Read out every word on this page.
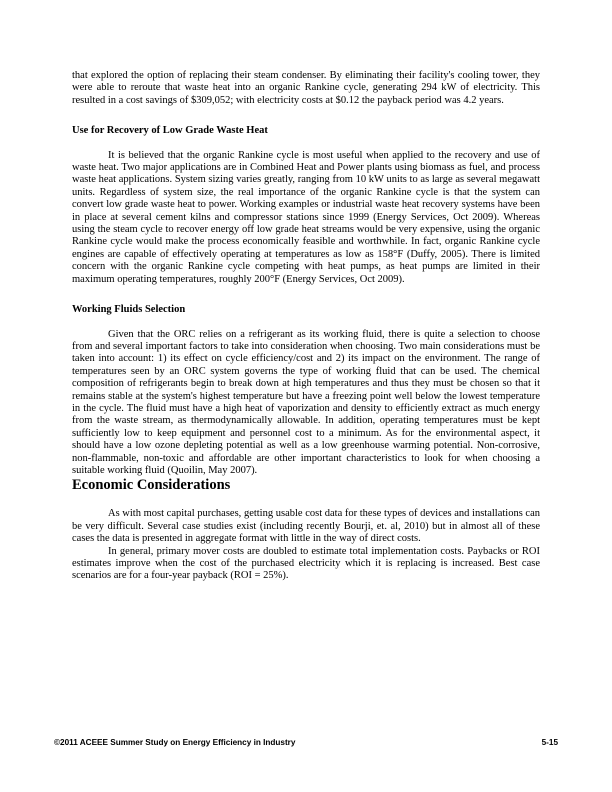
that explored the option of replacing their steam condenser. By eliminating their facility's cooling tower, they were able to reroute that waste heat into an organic Rankine cycle, generating 294 kW of electricity. This resulted in a cost savings of $309,052; with electricity costs at $0.12 the payback period was 4.2 years.

Use for Recovery of Low Grade Waste Heat

It is believed that the organic Rankine cycle is most useful when applied to the recovery and use of waste heat. Two major applications are in Combined Heat and Power plants using biomass as fuel, and process waste heat applications. System sizing varies greatly, ranging from 10 kW units to as large as several megawatt units. Regardless of system size, the real importance of the organic Rankine cycle is that the system can convert low grade waste heat to power. Working examples or industrial waste heat recovery systems have been in place at several cement kilns and compressor stations since 1999 (Energy Services, Oct 2009). Whereas using the steam cycle to recover energy off low grade heat streams would be very expensive, using the organic Rankine cycle would make the process economically feasible and worthwhile. In fact, organic Rankine cycle engines are capable of effectively operating at temperatures as low as 158°F (Duffy, 2005). There is limited concern with the organic Rankine cycle competing with heat pumps, as heat pumps are limited in their maximum operating temperatures, roughly 200°F (Energy Services, Oct 2009).

Working Fluids Selection

Given that the ORC relies on a refrigerant as its working fluid, there is quite a selection to choose from and several important factors to take into consideration when choosing. Two main considerations must be taken into account: 1) its effect on cycle efficiency/cost and 2) its impact on the environment. The range of temperatures seen by an ORC system governs the type of working fluid that can be used. The chemical composition of refrigerants begin to break down at high temperatures and thus they must be chosen so that it remains stable at the system's highest temperature but have a freezing point well below the lowest temperature in the cycle. The fluid must have a high heat of vaporization and density to efficiently extract as much energy from the waste stream, as thermodynamically allowable. In addition, operating temperatures must be kept sufficiently low to keep equipment and personnel cost to a minimum. As for the environmental aspect, it should have a low ozone depleting potential as well as a low greenhouse warming potential. Non-corrosive, non-flammable, non-toxic and affordable are other important characteristics to look for when choosing a suitable working fluid (Quoilin, May 2007).

Economic Considerations

As with most capital purchases, getting usable cost data for these types of devices and installations can be very difficult. Several case studies exist (including recently Bourji, et. al, 2010) but in almost all of these cases the data is presented in aggregate format with little in the way of direct costs.

In general, primary mover costs are doubled to estimate total implementation costs. Paybacks or ROI estimates improve when the cost of the purchased electricity which it is replacing is increased. Best case scenarios are for a four-year payback (ROI = 25%).

©2011 ACEEE Summer Study on Energy Efficiency in Industry	5-15
